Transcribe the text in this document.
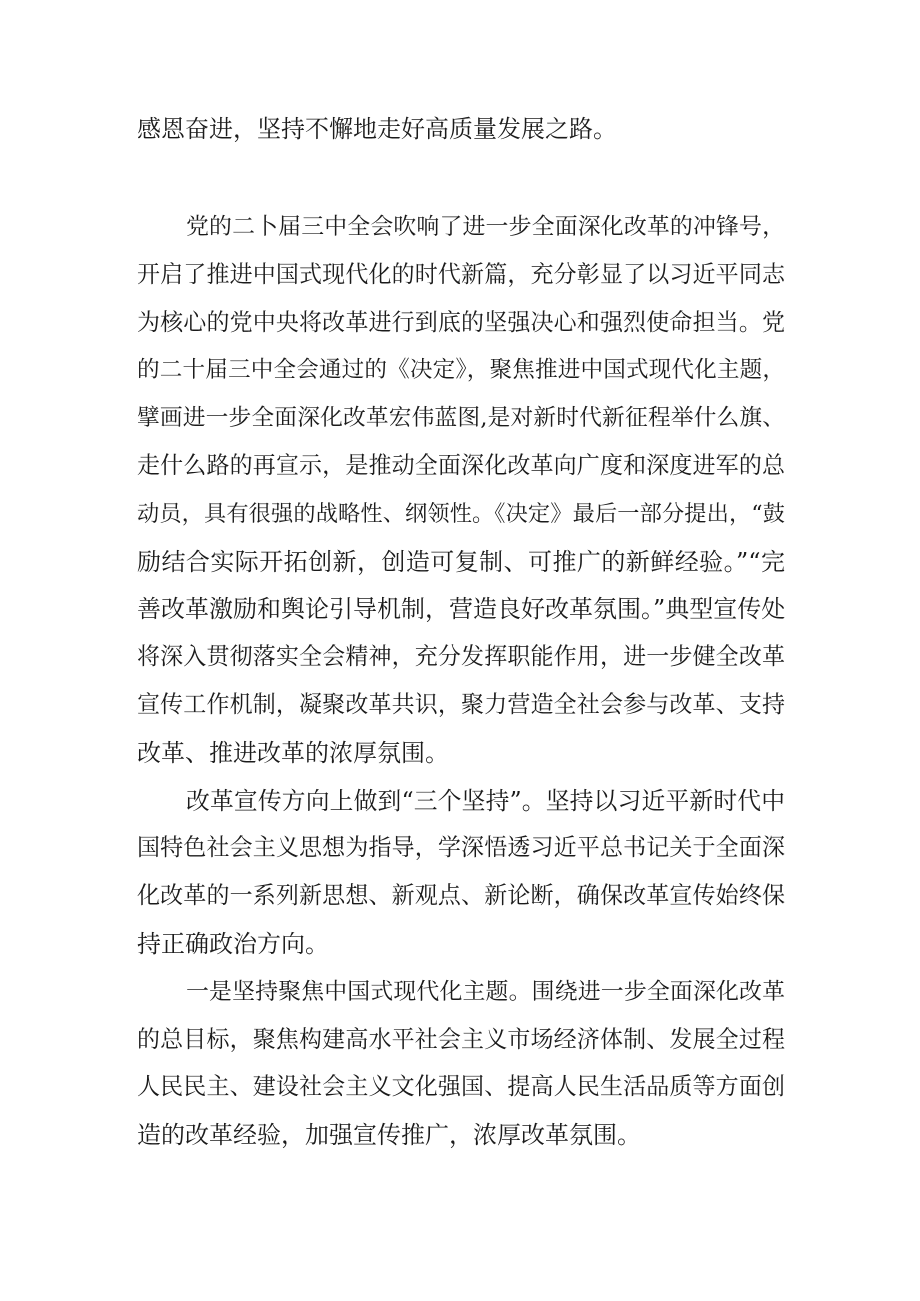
感恩奋进，坚持不懈地走好高质量发展之路。
党的二卜届三中全会吹响了进一步全面深化改革的冲锋号，
开启了推进中国式现代化的时代新篇，充分彰显了以习近平同志
为核心的党中央将改革进行到底的坚强决心和强烈使命担当。党
的二十届三中全会通过的《决定》，聚焦推进中国式现代化主题，
擘画进一步全面深化改革宏伟蓝图,是对新时代新征程举什么旗、
走什么路的再宣示，是推动全面深化改革向广度和深度进军的总
动员，具有很强的战略性、纲领性。《决定》最后一部分提出，“鼓
励结合实际开拓创新，创造可复制、可推广的新鲜经验。”“完
善改革激励和舆论引导机制，营造良好改革氛围。”典型宣传处
将深入贯彻落实全会精神，充分发挥职能作用，进一步健全改革
宣传工作机制，凝聚改革共识，聚力营造全社会参与改革、支持
改革、推进改革的浓厚氛围。
改革宣传方向上做到“三个坚持”。坚持以习近平新时代中
国特色社会主义思想为指导，学深悟透习近平总书记关于全面深
化改革的一系列新思想、新观点、新论断，确保改革宣传始终保
持正确政治方向。
一是坚持聚焦中国式现代化主题。围绕进一步全面深化改革
的总目标，聚焦构建高水平社会主义市场经济体制、发展全过程
人民民主、建设社会主义文化强国、提高人民生活品质等方面创
造的改革经验，加强宣传推广，浓厚改革氛围。
